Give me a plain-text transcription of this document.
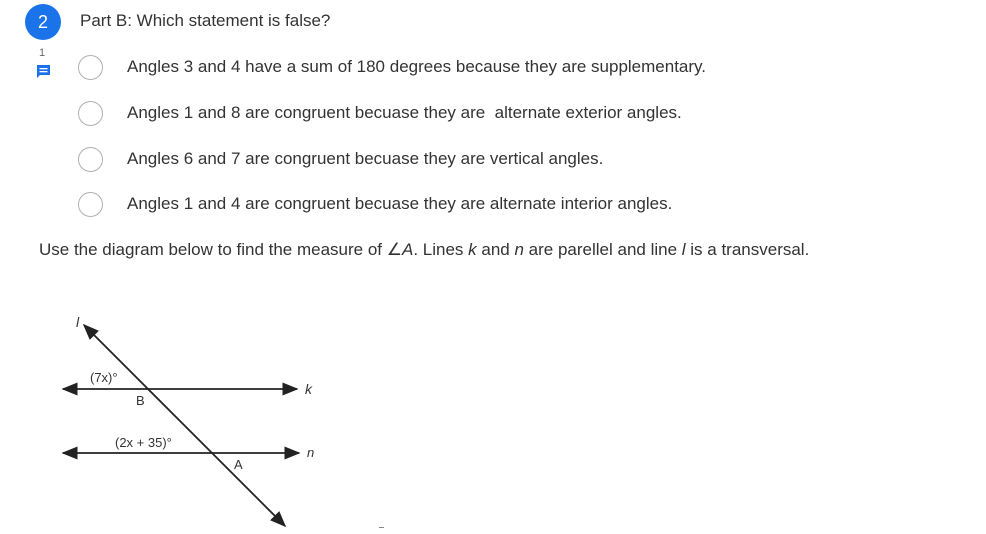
2	Part B: Which statement is false?
1
Angles 3 and 4 have a sum of 180 degrees because they are supplementary.
Angles 1 and 8 are congruent becuase they are  alternate exterior angles.
Angles 6 and 7 are congruent becuase they are vertical angles.
Angles 1 and 4 are congruent becuase they are alternate interior angles.
Use the diagram below to find the measure of ∠A. Lines k and n are parellel and line l is a transversal.
l
k
n
(7x)°
B
(2x + 35)°
A
